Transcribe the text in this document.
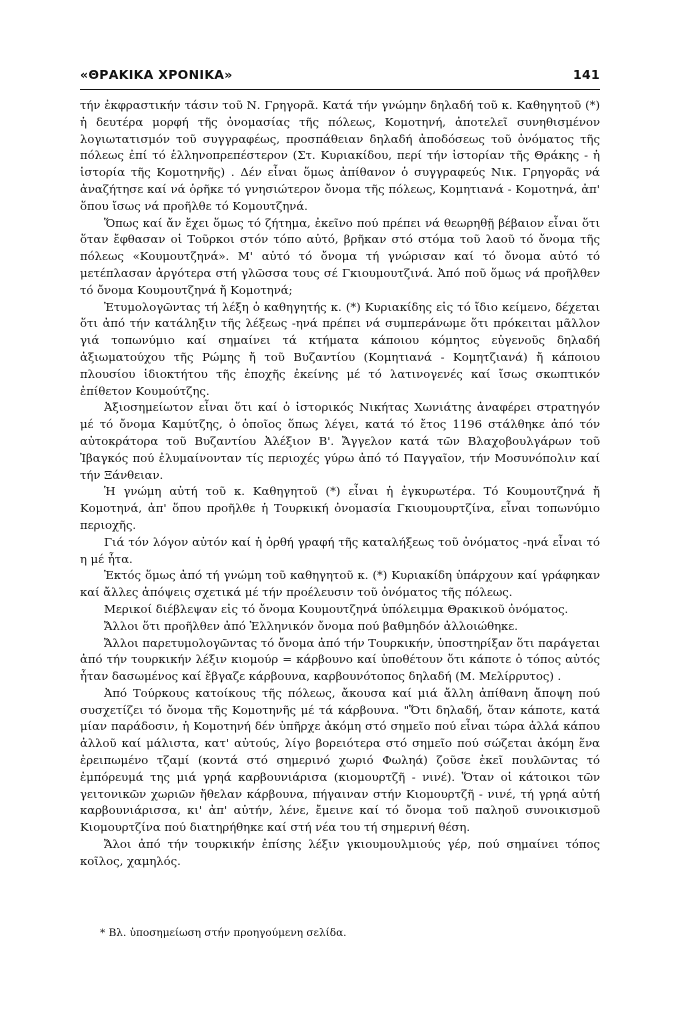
«ΘΡΑΚΙΚΑ ΧΡΟΝΙΚΑ»	141

τήν ἐκφραστικήν τάσιν τοῦ Ν. Γρηγορᾶ. Κατά τήν γνώμην δηλαδή τοῦ κ. Καθηγητοῦ (*) ἡ δευτέρα μορφή τῆς ὀνομασίας τῆς πόλεως, Κομοτηνή, ἀποτελεῖ συνηθισμένον λογιωτατισμόν τοῦ συγγραφέως, προσπάθειαν δηλαδή ἀποδόσεως τοῦ ὀνόματος τῆς πόλεως ἐπί τό ἑλληνοπρεπέστερον (Στ. Κυριακίδου, περί τήν ἱστορίαν τῆς Θράκης - ἡ ἱστορία τῆς Κομοτηνῆς) . Δέν εἶναι ὅμως ἀπίθανον ὁ συγγραφεύς Νικ. Γρηγορᾶς νά ἀναζήτησε καί νά ὁρῆκε τό γνησιώτερον ὄνομα τῆς πόλεως, Κομητιανά - Κομοτηνά, ἀπ' ὅπου ἴσως νά προῆλθε τό Κομουτζηνά.

Ὅπως καί ἄν ἔχει ὅμως τό ζήτημα, ἐκεῖνο πού πρέπει νά θεωρηθῇ βέβαιον εἶναι ὅτι ὅταν ἔφθασαν οἱ Τοῦρκοι στόν τόπο αὐτό, βρῆκαν στό στόμα τοῦ λαοῦ τό ὄνομα τῆς πόλεως «Κουμουτζηνά». Μ' αὐτό τό ὄνομα τή γνώρισαν καί τό ὄνομα αὐτό τό μετέπλασαν ἀργότερα στή γλῶσσα τους σέ Γκιουμουτζινά. Ἀπό ποῦ ὅμως νά προῆλθεν τό ὄνομα Κουμουτζηνά ἤ Κομοτηνά;

Ἐτυμολογῶντας τή λέξη ὁ καθηγητής κ. (*) Κυριακίδης εἰς τό ἴδιο κείμενο, δέχεται ὅτι ἀπό τήν κατάληξιν τῆς λέξεως -ηνά πρέπει νά συμπεράνωμε ὅτι πρόκειται μᾶλλον γιά τοπωνύμιο καί σημαίνει τά κτήματα κάποιου κόμητος εὐγενοῦς δηλαδή ἀξιωματούχου τῆς Ρώμης ἤ τοῦ Βυζαντίου (Κομητιανά - Κομητζιανά) ἤ κάποιου πλουσίου ἰδιοκτήτου τῆς ἐποχῆς ἐκείνης μέ τό λατινογενές καί ἴσως σκωπτικόν ἐπίθετον Κουμούτζης.

Ἀξιοσημείωτον εἶναι ὅτι καί ὁ ἱστορικός Νικήτας Χωνιάτης ἀναφέρει στρατηγόν μέ τό ὄνομα Καμύτζης, ὁ ὁποῖος ὅπως λέγει, κατά τό ἔτος 1196 στάλθηκε ἀπό τόν αὐτοκράτορα τοῦ Βυζαντίου Ἀλέξιον Β'. Ἄγγελον κατά τῶν Βλαχοβουλγάρων τοῦ Ἰβαγκός πού ἐλυμαίνονταν τίς περιοχές γύρω ἀπό τό Παγγαῖον, τήν Μοσυνόπολιν καί τήν Ξάνθειαν.

Ἡ γνώμη αὐτή τοῦ κ. Καθηγητοῦ (*) εἶναι ἡ ἐγκυρωτέρα. Τό Κουμουτζηνά ἤ Κομοτηνά, ἀπ' ὅπου προῆλθε ἡ Τουρκική ὀνομασία Γκιουμουρτζίνα, εἶναι τοπωνύμιο περιοχῆς.

Γιά τόν λόγον αὐτόν καί ἡ ὀρθή γραφή τῆς καταλήξεως τοῦ ὀνόματος -ηνά εἶναι τό η μέ ἦτα.

Ἐκτός ὅμως ἀπό τή γνώμη τοῦ καθηγητοῦ κ. (*) Κυριακίδη ὑπάρχουν καί γράφηκαν καί ἄλλες ἀπόψεις σχετικά μέ τήν προέλευσιν τοῦ ὀνόματος τῆς πόλεως.

Μερικοί διέβλεψαν εἰς τό ὄνομα Κουμουτζηνά ὑπόλειμμα Θρακικοῦ ὀνόματος.

Ἄλλοι ὅτι προῆλθεν ἀπό Ἑλληνικόν ὄνομα πού βαθμηδόν ἀλλοιώθηκε.

Ἄλλοι παρετυμολογῶντας τό ὄνομα ἀπό τήν Τουρκικήν, ὑποστηρίξαν ὅτι παράγεται ἀπό τήν τουρκικήν λέξιν κιομούρ = κάρβουνο καί ὑποθέτουν ὅτι κάποτε ὁ τόπος αὐτός ἦταν δασωμένος καί ἔβγαζε κάρβουνα, καρβουνότοπος δηλαδή (Μ. Μελίρρυτος) .

Ἀπό Τούρκους κατοίκους τῆς πόλεως, ἄκουσα καί μιά ἄλλη ἀπίθανη ἄποψη πού συσχετίζει τό ὄνομα τῆς Κομοτηνῆς μέ τά κάρβουνα. "Ὅτι δηλαδή, ὅταν κάποτε, κατά μίαν παράδοσιν, ἡ Κομοτηνή δέν ὑπῆρχε ἀκόμη στό σημεῖο πού εἶναι τώρα ἀλλά κάπου ἀλλοῦ καί μάλιστα, κατ' αὐτούς, λίγο βορειότερα στό σημεῖο πού σώζεται ἀκόμη ἕνα ἐρειπωμένο τζαμί (κοντά στό σημερινό χωριό Φωληά) ζοῦσε ἐκεῖ πουλῶντας τό ἐμπόρευμά της μιά γρηά καρβουνιάρισα (κιομουρτζῆ - νινέ). Ὅταν οἱ κάτοικοι τῶν γειτονικῶν χωριῶν ἤθελαν κάρβουνα, πήγαιναν στήν Κιομουρτζῆ - νινέ, τή γρηά αὐτή καρβουνιάρισσα, κι' ἀπ' αὐτήν, λένε, ἔμεινε καί τό ὄνομα τοῦ παληοῦ συνοικισμοῦ Κιομουρτζίνα πού διατηρήθηκε καί στή νέα του τή σημερινή θέση.

Ἄλοι ἀπό τήν τουρκικήν ἐπίσης λέξιν γκιουμουλμιούς γέρ, πού σημαίνει τόπος κοῖλος, χαμηλός.

* Βλ. ὑποσημείωση στήν προηγούμενη σελίδα.
